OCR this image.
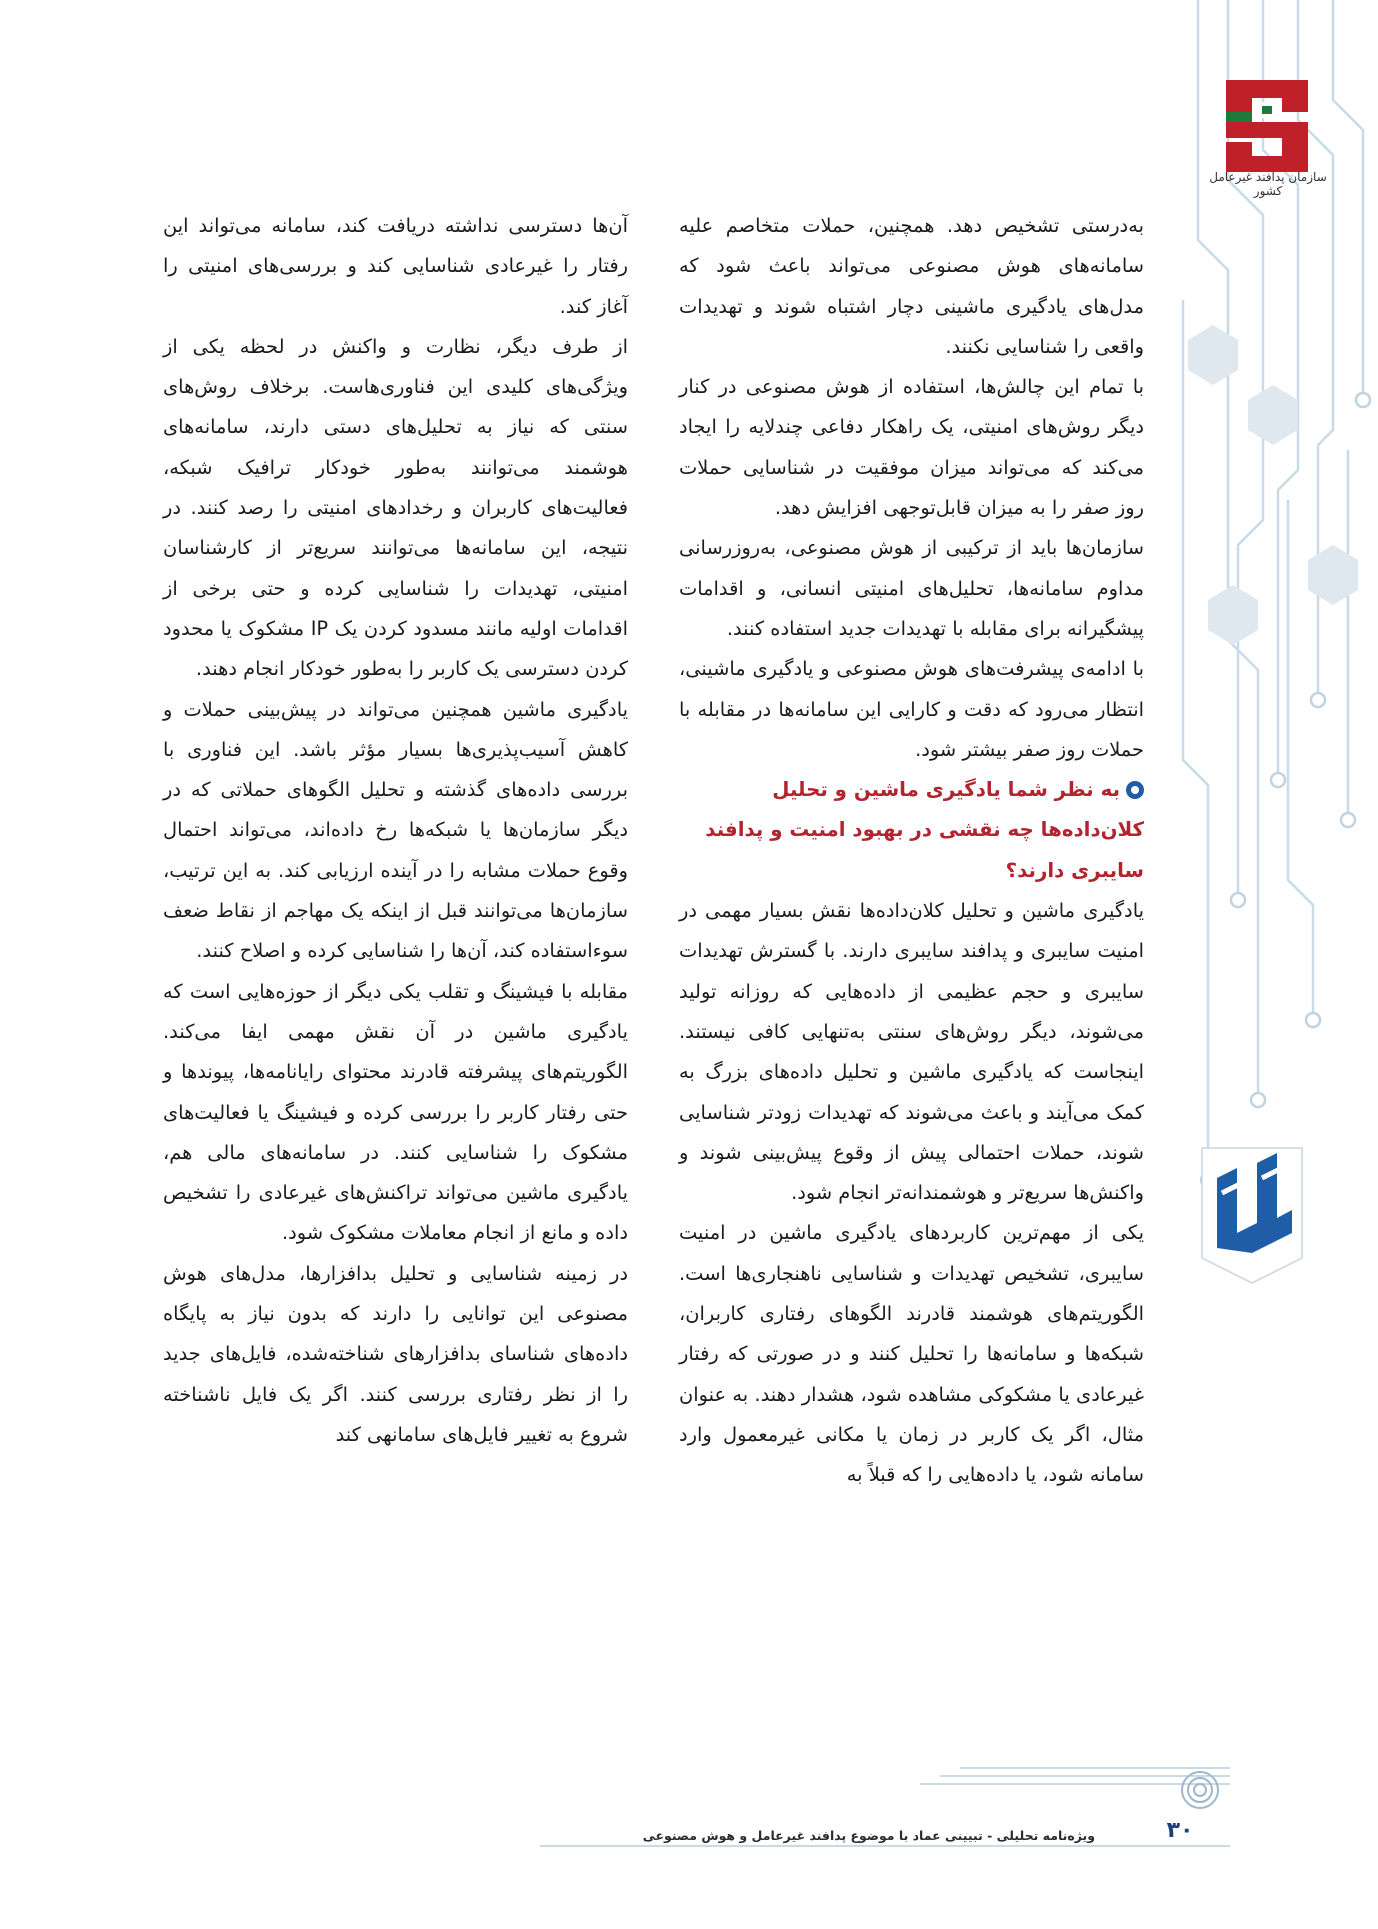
سازمان پدافند غیرعامل کشور

به‌درستی تشخیص دهد. همچنین، حملات متخاصم علیه سامانه‌های هوش مصنوعی می‌تواند باعث شود که مدل‌های یادگیری ماشینی دچار اشتباه شوند و تهدیدات واقعی را شناسایی نکنند.

با تمام این چالش‌ها، استفاده از هوش مصنوعی در کنار دیگر روش‌های امنیتی، یک راهکار دفاعی چندلایه را ایجاد می‌کند که می‌تواند میزان موفقیت در شناسایی حملات روز صفر را به میزان قابل‌توجهی افزایش دهد.

سازمان‌ها باید از ترکیبی از هوش مصنوعی، به‌روزرسانی مداوم سامانه‌ها، تحلیل‌های امنیتی انسانی، و اقدامات پیشگیرانه برای مقابله با تهدیدات جدید استفاده کنند.

با ادامه‌ی پیشرفت‌های هوش مصنوعی و یادگیری ماشینی، انتظار می‌رود که دقت و کارایی این سامانه‌ها در مقابله با حملات روز صفر بیشتر شود.

به نظر شما یادگیری ماشین و تحلیل کلان‌داده‌ها چه نقشی در بهبود امنیت و پدافند سایبری دارند؟

یادگیری ماشین و تحلیل کلان‌داده‌ها نقش بسیار مهمی در امنیت سایبری و پدافند سایبری دارند. با گسترش تهدیدات سایبری و حجم عظیمی از داده‌هایی که روزانه تولید می‌شوند، دیگر روش‌های سنتی به‌تنهایی کافی نیستند. اینجاست که یادگیری ماشین و تحلیل داده‌های بزرگ به کمک می‌آیند و باعث می‌شوند که تهدیدات زودتر شناسایی شوند، حملات احتمالی پیش از وقوع پیش‌بینی شوند و واکنش‌ها سریع‌تر و هوشمندانه‌تر انجام شود.

یکی از مهم‌ترین کاربردهای یادگیری ماشین در امنیت سایبری، تشخیص تهدیدات و شناسایی ناهنجاری‌ها است. الگوریتم‌های هوشمند قادرند الگوهای رفتاری کاربران، شبکه‌ها و سامانه‌ها را تحلیل کنند و در صورتی که رفتار غیرعادی یا مشکوکی مشاهده شود، هشدار دهند. به عنوان مثال، اگر یک کاربر در زمان یا مکانی غیرمعمول وارد سامانه شود، یا داده‌هایی را که قبلاً به

آن‌ها دسترسی نداشته دریافت کند، سامانه می‌تواند این رفتار را غیرعادی شناسایی کند و بررسی‌های امنیتی را آغاز کند.

از طرف دیگر، نظارت و واکنش در لحظه یکی از ویژگی‌های کلیدی این فناوری‌هاست. برخلاف روش‌های سنتی که نیاز به تحلیل‌های دستی دارند، سامانه‌های هوشمند می‌توانند به‌طور خودکار ترافیک شبکه، فعالیت‌های کاربران و رخدادهای امنیتی را رصد کنند. در نتیجه، این سامانه‌ها می‌توانند سریع‌تر از کارشناسان امنیتی، تهدیدات را شناسایی کرده و حتی برخی از اقدامات اولیه مانند مسدود کردن یک IP مشکوک یا محدود کردن دسترسی یک کاربر را به‌طور خودکار انجام دهند.

یادگیری ماشین همچنین می‌تواند در پیش‌بینی حملات و کاهش آسیب‌پذیری‌ها بسیار مؤثر باشد. این فناوری با بررسی داده‌های گذشته و تحلیل الگوهای حملاتی که در دیگر سازمان‌ها یا شبکه‌ها رخ داده‌اند، می‌تواند احتمال وقوع حملات مشابه را در آینده ارزیابی کند. به این ترتیب، سازمان‌ها می‌توانند قبل از اینکه یک مهاجم از نقاط ضعف سوءاستفاده کند، آن‌ها را شناسایی کرده و اصلاح کنند.

مقابله با فیشینگ و تقلب یکی دیگر از حوزه‌هایی است که یادگیری ماشین در آن نقش مهمی ایفا می‌کند. الگوریتم‌های پیشرفته قادرند محتوای رایانامه‌ها، پیوندها و حتی رفتار کاربر را بررسی کرده و فیشینگ یا فعالیت‌های مشکوک را شناسایی کنند. در سامانه‌های مالی هم، یادگیری ماشین می‌تواند تراکنش‌های غیرعادی را تشخیص داده و مانع از انجام معاملات مشکوک شود.

در زمینه شناسایی و تحلیل بدافزارها، مدل‌های هوش مصنوعی این توانایی را دارند که بدون نیاز به پایگاه داده‌های شناسای بدافزارهای شناخته‌شده، فایل‌های جدید را از نظر رفتاری بررسی کنند. اگر یک فایل ناشناخته شروع به تغییر فایل‌های سامانهی کند

ویژه‌نامه تحلیلی - تبیینی عماد با موضوع پدافند غیرعامل و هوش مصنوعی	۳۰
